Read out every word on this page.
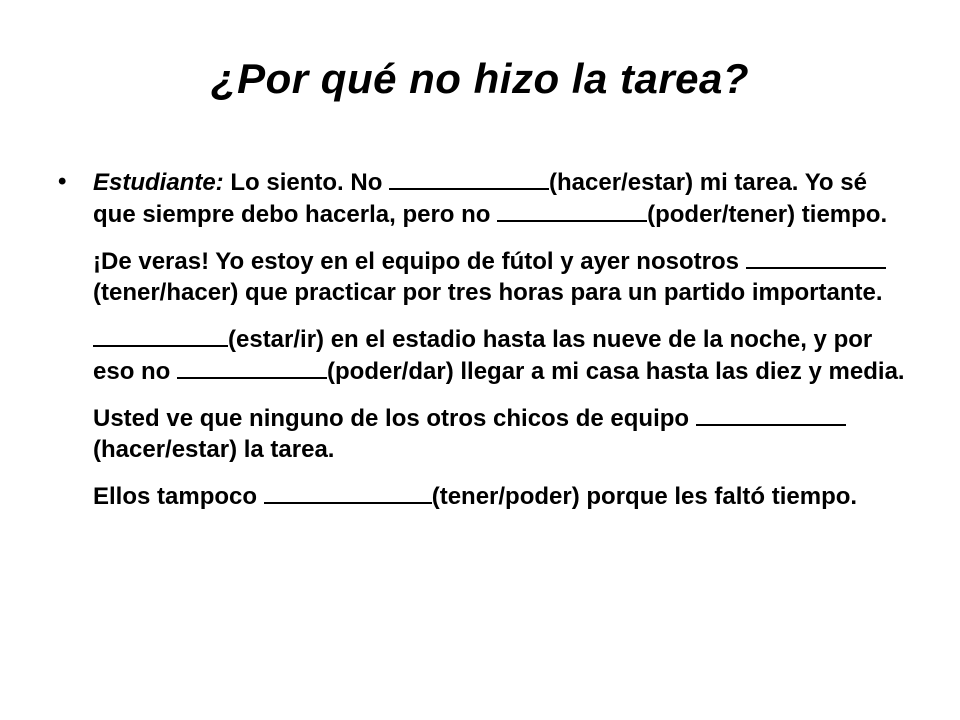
¿Por qué no hizo la tarea?

• Estudiante: Lo siento. No	(hacer/estar) mi tarea. Yo sé que siempre debo hacerla, pero no	(poder/tener) tiempo.

¡De veras! Yo estoy en el equipo de fútol y ayer nosotros (tener/hacer) que practicar por tres horas para un partido importante.

(estar/ir) en el estadio hasta las nueve de la noche, y por eso no	(poder/dar) llegar a mi casa hasta las diez y media.

Usted ve que ninguno de los otros chicos de equipo (hacer/estar) la tarea.

Ellos tampoco	(tener/poder) porque les faltó tiempo.
